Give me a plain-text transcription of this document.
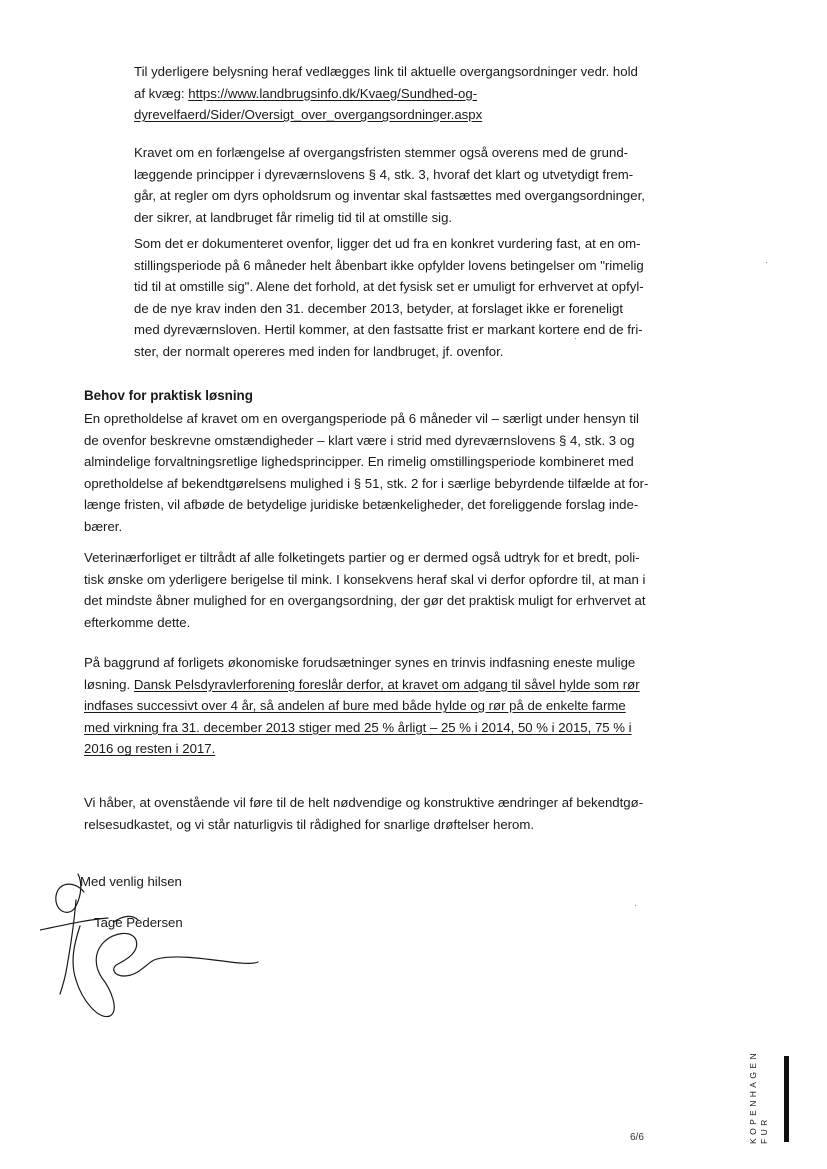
Til yderligere belysning heraf vedlægges link til aktuelle overgangsordninger vedr. hold
af kvæg: https://www.landbrugsinfo.dk/Kvaeg/Sundhed-og-
dyrevelfaerd/Sider/Oversigt_over_overgangsordninger.aspx

Kravet om en forlængelse af overgangsfristen stemmer også overens med de grund-
læggende principper i dyreværnslovens § 4, stk. 3, hvoraf det klart og utvetydigt frem-
går, at regler om dyrs opholdsrum og inventar skal fastsættes med overgangsordninger,
der sikrer, at landbruget får rimelig tid til at omstille sig.

Som det er dokumenteret ovenfor, ligger det ud fra en konkret vurdering fast, at en om-
stillingsperiode på 6 måneder helt åbenbart ikke opfylder lovens betingelser om "rimelig
tid til at omstille sig". Alene det forhold, at det fysisk set er umuligt for erhvervet at opfyl-
de de nye krav inden den 31. december 2013, betyder, at forslaget ikke er foreneligt
med dyreværnsloven. Hertil kommer, at den fastsatte frist er markant kortere end de fri-
ster, der normalt opereres med inden for landbruget, jf. ovenfor.

Behov for praktisk løsning

En opretholdelse af kravet om en overgangsperiode på 6 måneder vil – særligt under hensyn til
de ovenfor beskrevne omstændigheder – klart være i strid med dyreværnslovens § 4, stk. 3 og
almindelige forvaltningsretlige lighedsprincipper. En rimelig omstillingsperiode kombineret med
opretholdelse af bekendtgørelsens mulighed i § 51, stk. 2 for i særlige bebyrdende tilfælde at for-
længe fristen, vil afbøde de betydelige juridiske betænkeligheder, det foreliggende forslag inde-
bærer.

Veterinærforliget er tiltrådt af alle folketingets partier og er dermed også udtryk for et bredt, poli-
tisk ønske om yderligere berigelse til mink. I konsekvens heraf skal vi derfor opfordre til, at man i
det mindste åbner mulighed for en overgangsordning, der gør det praktisk muligt for erhvervet at
efterkomme dette.

På baggrund af forligets økonomiske forudsætninger synes en trinvis indfasning eneste mulige
løsning. Dansk Pelsdyravlerforening foreslår derfor, at kravet om adgang til såvel hylde som rør
indfases successivt over 4 år, så andelen af bure med både hylde og rør på de enkelte farme
med virkning fra 31. december 2013 stiger med 25 % årligt – 25 % i 2014, 50 % i 2015, 75 % i
2016 og resten i 2017.

Vi håber, at ovenstående vil føre til de helt nødvendige og konstruktive ændringer af bekendtgø-
relsesudkastet, og vi står naturligvis til rådighed for snarlige drøftelser herom.

Med venlig hilsen

Tage Pedersen

KOPENHAGEN FUR

6/6
